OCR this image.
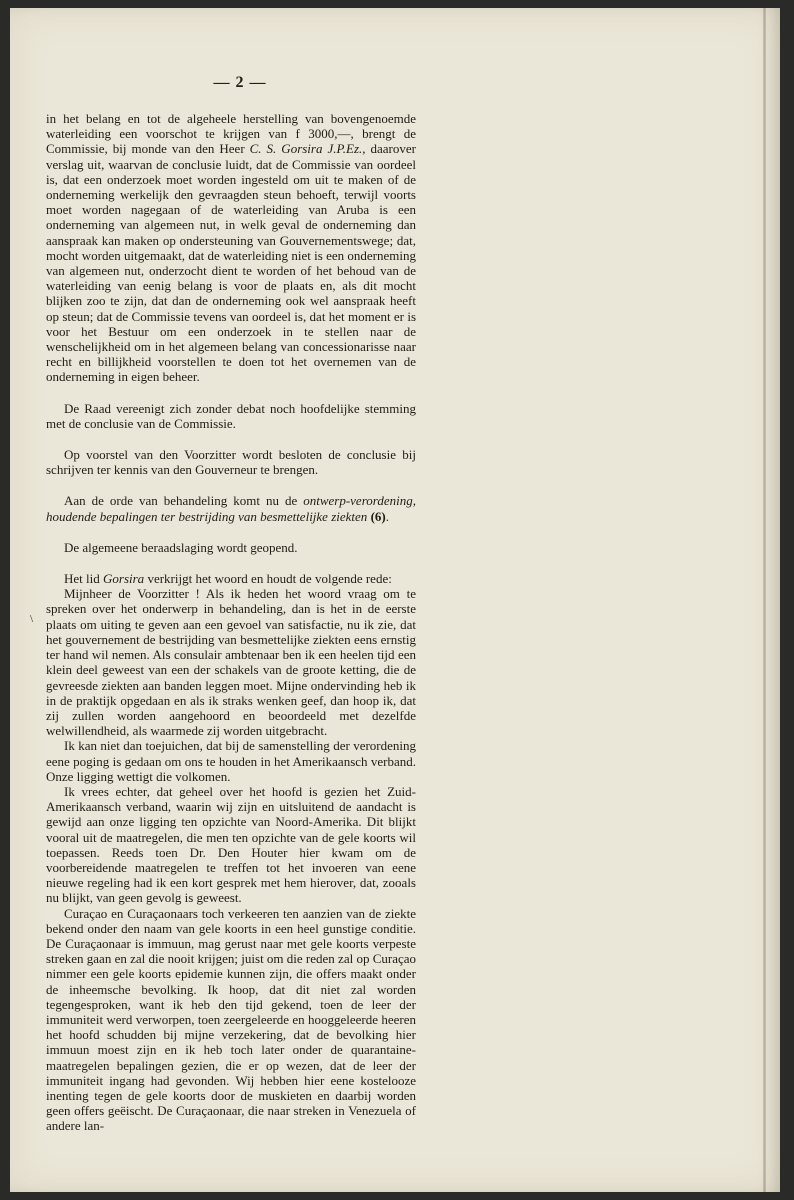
— 2 —
\

in het belang en tot de algeheele herstelling van bovengenoemde waterleiding een voorschot te krijgen van f 3000,—, brengt de Commissie, bij monde van den Heer C. S. Gorsira J.P.Ez., daarover verslag uit, waarvan de conclusie luidt, dat de Commissie van oordeel is, dat een onderzoek moet worden ingesteld om uit te maken of de onderneming werkelijk den gevraagden steun behoeft, terwijl voorts moet worden nagegaan of de waterleiding van Aruba is een onderneming van algemeen nut, in welk geval de onderneming dan aanspraak kan maken op ondersteuning van Gouvernementswege; dat, mocht worden uitgemaakt, dat de waterleiding niet is een onderneming van algemeen nut, onderzocht dient te worden of het behoud van de waterleiding van eenig belang is voor de plaats en, als dit mocht blijken zoo te zijn, dat dan de onderneming ook wel aanspraak heeft op steun; dat de Commissie tevens van oordeel is, dat het moment er is voor het Bestuur om een onderzoek in te stellen naar de wenschelijkheid om in het algemeen belang van concessionarisse naar recht en billijkheid voorstellen te doen tot het overnemen van de onderneming in eigen beheer.

De Raad vereenigt zich zonder debat noch hoofdelijke stemming met de conclusie van de Commissie.

Op voorstel van den Voorzitter wordt besloten de conclusie bij schrijven ter kennis van den Gouverneur te brengen.

Aan de orde van behandeling komt nu de ontwerp-verordening, houdende bepalingen ter bestrijding van besmettelijke ziekten (6).

De algemeene beraadslaging wordt geopend.

Het lid Gorsira verkrijgt het woord en houdt de volgende rede:

Mijnheer de Voorzitter ! Als ik heden het woord vraag om te spreken over het onderwerp in behandeling, dan is het in de eerste plaats om uiting te geven aan een gevoel van satisfactie, nu ik zie, dat het gouvernement de bestrijding van besmettelijke ziekten eens ernstig ter hand wil nemen. Als consulair ambtenaar ben ik een heelen tijd een klein deel geweest van een der schakels van de groote ketting, die de gevreesde ziekten aan banden leggen moet. Mijne ondervinding heb ik in de praktijk opgedaan en als ik straks wenken geef, dan hoop ik, dat zij zullen worden aangehoord en beoordeeld met dezelfde welwillendheid, als waarmede zij worden uitgebracht.

Ik kan niet dan toejuichen, dat bij de samenstelling der verordening eene poging is gedaan om ons te houden in het Amerikaansch verband. Onze ligging wettigt die volkomen.

Ik vrees echter, dat geheel over het hoofd is gezien het Zuid-Amerikaansch verband, waarin wij zijn en uitsluitend de aandacht is gewijd aan onze ligging ten opzichte van Noord-Amerika. Dit blijkt vooral uit de maatregelen, die men ten opzichte van de gele koorts wil toepassen. Reeds toen Dr. Den Houter hier kwam om de voorbereidende maatregelen te treffen tot het invoeren van eene nieuwe regeling had ik een kort gesprek met hem hierover, dat, zooals nu blijkt, van geen gevolg is geweest.

Curaçao en Curaçaonaars toch verkeeren ten aanzien van de ziekte bekend onder den naam van gele koorts in een heel gunstige conditie. De Curaçaonaar is immuun, mag gerust naar met gele koorts verpeste streken gaan en zal die nooit krijgen; juist om die reden zal op Curaçao nimmer een gele koorts epidemie kunnen zijn, die offers maakt onder de inheemsche bevolking. Ik hoop, dat dit niet zal worden tegengesproken, want ik heb den tijd gekend, toen de leer der immuniteit werd verworpen, toen zeergeleerde en hooggeleerde heeren het hoofd schudden bij mijne verzekering, dat de bevolking hier immuun moest zijn en ik heb toch later onder de quarantaine-maatregelen bepalingen gezien, die er op wezen, dat de leer der immuniteit ingang had gevonden. Wij hebben hier eene kostelooze inenting tegen de gele koorts door de muskieten en daarbij worden geen offers geëischt. De Curaçaonaar, die naar streken in Venezuela of andere lan-
